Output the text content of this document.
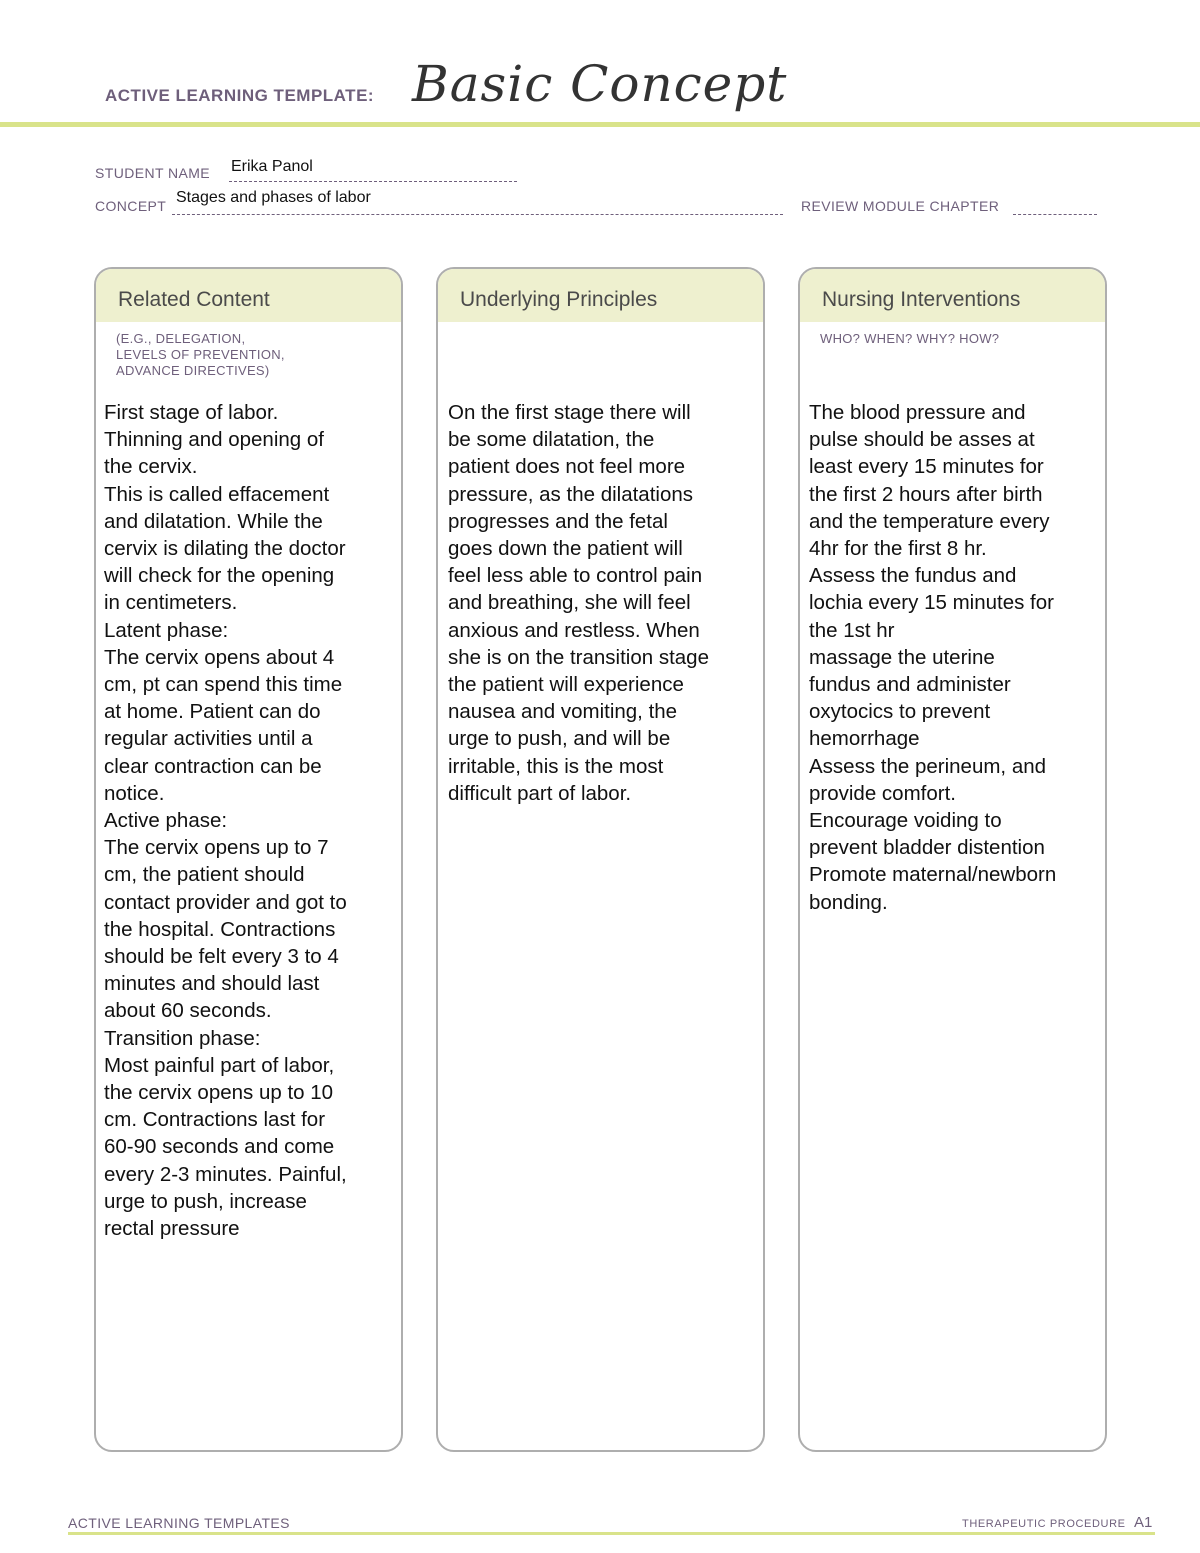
ACTIVE LEARNING TEMPLATE: Basic Concept
STUDENT NAME Erika Panol
CONCEPT Stages and phases of labor	REVIEW MODULE CHAPTER
Related Content
(E.G., DELEGATION,
LEVELS OF PREVENTION,
ADVANCE DIRECTIVES)
First stage of labor.
Thinning and opening of
the cervix.
This is called effacement
and dilatation. While the
cervix is dilating the doctor
will check for the opening
in centimeters.
Latent phase:
The cervix opens about 4
cm, pt can spend this time
at home. Patient can do
regular activities until a
clear contraction can be
notice.
Active phase:
The cervix opens up to 7
cm, the patient should
contact provider and got to
the hospital. Contractions
should be felt every 3 to 4
minutes and should last
about 60 seconds.
Transition phase:
Most painful part of labor,
the cervix opens up to 10
cm. Contractions last for
60-90 seconds and come
every 2-3 minutes. Painful,
urge to push, increase
rectal pressure
Underlying Principles
On the first stage there will
be some dilatation, the
patient does not feel more
pressure, as the dilatations
progresses and the fetal
goes down the patient will
feel less able to control pain
and breathing, she will feel
anxious and restless. When
she is on the transition stage
the patient will experience
nausea and vomiting, the
urge to push, and will be
irritable, this is the most
difficult part of labor.
Nursing Interventions
WHO? WHEN? WHY? HOW?
The blood pressure and
pulse should be asses at
least every 15 minutes for
the first 2 hours after birth
and the temperature every
4hr for the first 8 hr.
Assess the fundus and
lochia every 15 minutes for
the 1st hr
massage the uterine
fundus and administer
oxytocics to prevent
hemorrhage
Assess the perineum, and
provide comfort.
Encourage voiding to
prevent bladder distention
Promote maternal/newborn
bonding.
ACTIVE LEARNING TEMPLATES	THERAPEUTIC PROCEDURE A1
